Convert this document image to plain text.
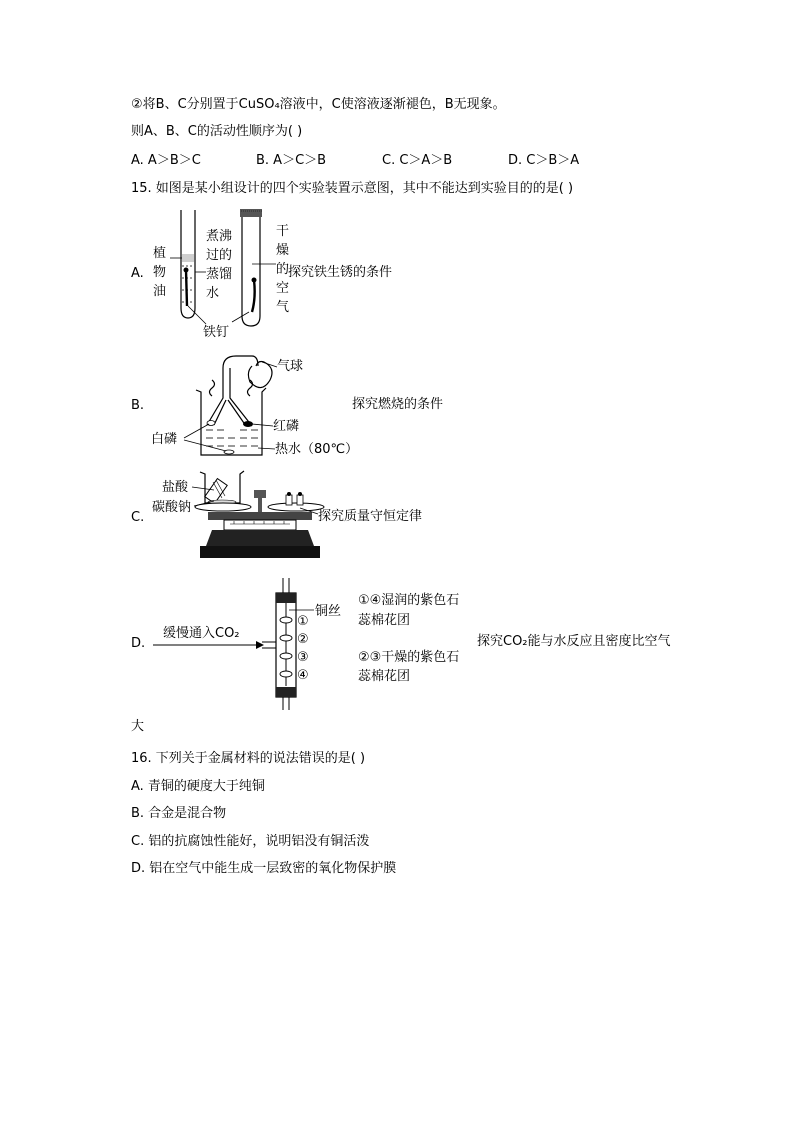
②将B、C分别置于CuSO₄溶液中，C使溶液逐渐褪色，B无现象。
则A、B、C的活动性顺序为( )
A. A＞B＞C	B. A＞C＞B	C. C＞A＞B	D. C＞B＞A
15. 如图是某小组设计的四个实验装置示意图，其中不能达到实验目的的是( )
A.
植
物
油
煮沸
过的
蒸馏
水
干
燥
的
空
气
铁钉
探究铁生锈的条件
B.
气球
红磷
白磷
热水（80℃）
探究燃烧的条件
C.
盐酸
碳酸钠
探究质量守恒定律
D.
缓慢通入CO₂
铜丝
①④湿润的紫色石
蕊棉花团
②③干燥的紫色石
蕊棉花团
①
②
③
④
探究CO₂能与水反应且密度比空气
大
16. 下列关于金属材料的说法错误的是( )
A. 青铜的硬度大于纯铜
B. 合金是混合物
C. 铝的抗腐蚀性能好，说明铝没有铜活泼
D. 铝在空气中能生成一层致密的氧化物保护膜
